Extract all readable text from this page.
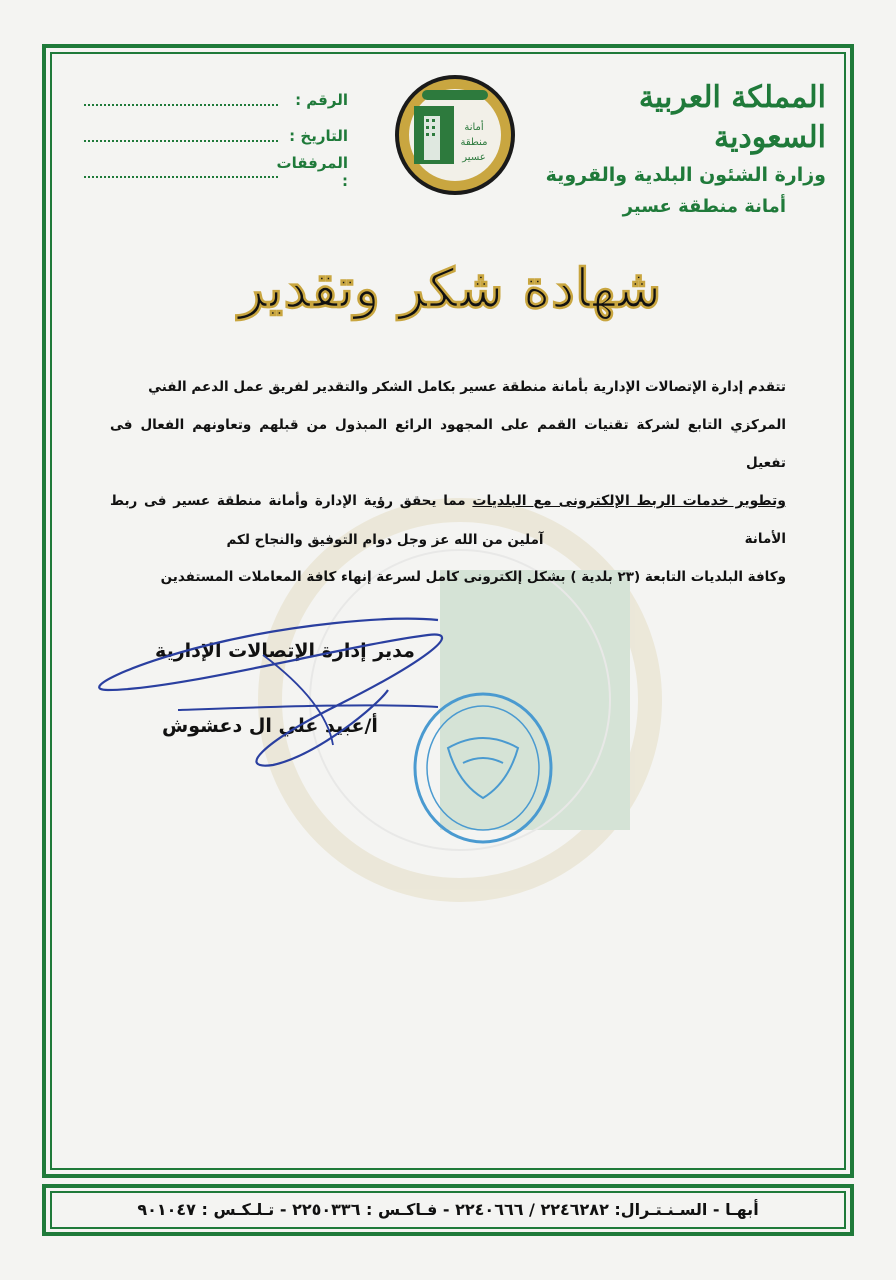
المملكة العربية السعودية
وزارة الشئون البلدية والقروية
أمانة منطقة عسير
الرقم :
التاريخ :
المرفقات :
أمانة
منطقة
عسير
شهادة شكر وتقدير
تتقدم إدارة الإتصالات الإدارية بأمانة منطقة عسير بكامل الشكر والتقدير لفريق عمل الدعم الفني
المركزي التابع لشركة تقنيات القمم على المجهود الرائع المبذول من قبلهم وتعاونهم الفعال فى تفعيل
وتطوير خدمات الربط الإلكترونى مع البلديات مما يحقق رؤية الإدارة وأمانة منطقة عسير فى ربط الأمانة
وكافة البلديات التابعة (٢٣ بلدية ) بشكل إلكترونى كامل لسرعة إنهاء كافة المعاملات المستفدين
آملين من الله عز وجل دوام التوفيق والنجاح لكم
مدير إدارة الإتصالات الإدارية
أ/عبيد علي ال دعشوش
أبهـا - السـنـتـرال: ٢٢٤٦٢٨٢ / ٢٢٤٠٦٦٦ - فـاكـس : ٢٢٥٠٣٣٦ - تـلـكـس : ٩٠١٠٤٧
